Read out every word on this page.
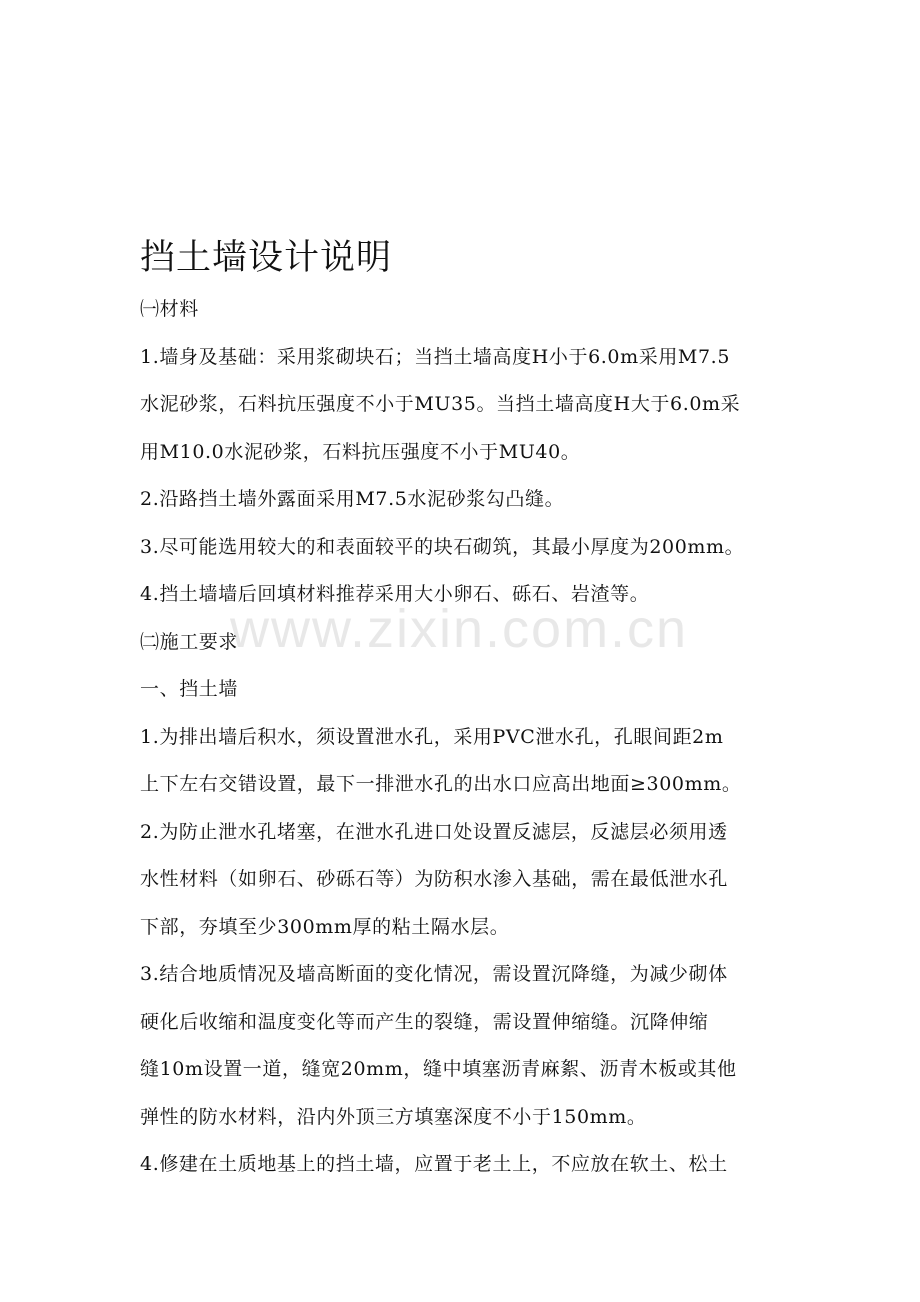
挡土墙设计说明

㈠材料

1.墙身及基础：采用浆砌块石；当挡土墙高度H小于6.0m采用M7.5

水泥砂浆，石料抗压强度不小于MU35。当挡土墙高度H大于6.0m采

用M10.0水泥砂浆，石料抗压强度不小于MU40。

2.沿路挡土墙外露面采用M7.5水泥砂浆勾凸缝。

3.尽可能选用较大的和表面较平的块石砌筑，其最小厚度为200mm。

4.挡土墙墙后回填材料推荐采用大小卵石、砾石、岩渣等。

㈡施工要求

一、挡土墙

1.为排出墙后积水，须设置泄水孔，采用PVC泄水孔，孔眼间距2m

上下左右交错设置，最下一排泄水孔的出水口应高出地面≥300mm。

2.为防止泄水孔堵塞，在泄水孔进口处设置反滤层，反滤层必须用透

水性材料（如卵石、砂砾石等）为防积水渗入基础，需在最低泄水孔

下部，夯填至少300mm厚的粘土隔水层。

3.结合地质情况及墙高断面的变化情况，需设置沉降缝，为减少砌体

硬化后收缩和温度变化等而产生的裂缝，需设置伸缩缝。沉降伸缩

缝10m设置一道，缝宽20mm，缝中填塞沥青麻絮、沥青木板或其他

弹性的防水材料，沿内外顶三方填塞深度不小于150mm。

4.修建在土质地基上的挡土墙，应置于老土上，不应放在软土、松土

www.zixin.com.cn
